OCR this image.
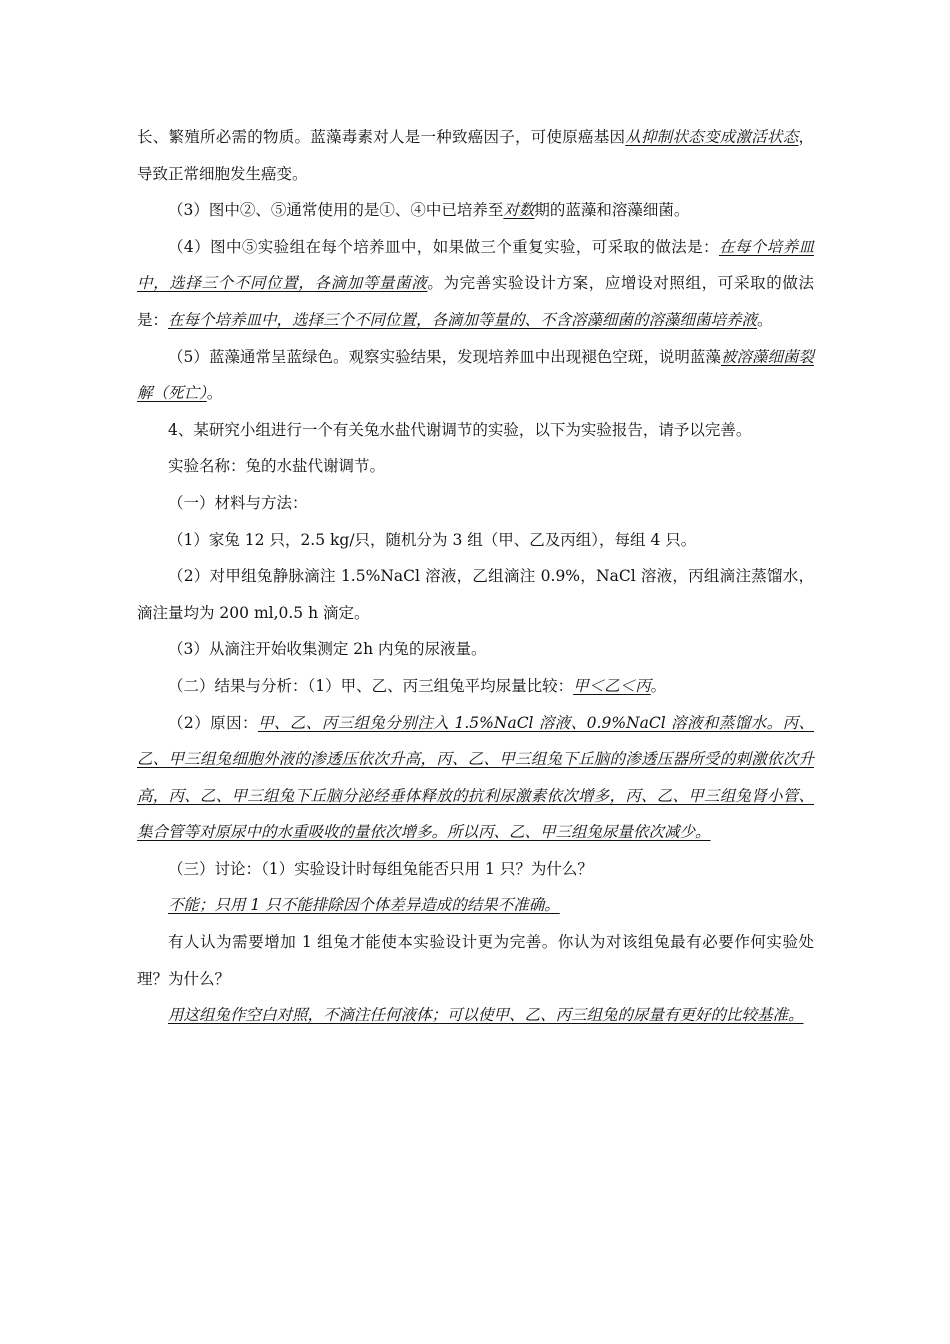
长、繁殖所必需的物质。蓝藻毒素对人是一种致癌因子，可使原癌基因从抑制状态变成激活状态，导致正常细胞发生癌变。

（3）图中②、⑤通常使用的是①、④中已培养至对数期的蓝藻和溶藻细菌。

（4）图中⑤实验组在每个培养皿中，如果做三个重复实验，可采取的做法是：在每个培养皿中，选择三个不同位置，各滴加等量菌液。为完善实验设计方案，应增设对照组，可采取的做法是：在每个培养皿中，选择三个不同位置，各滴加等量的、不含溶藻细菌的溶藻细菌培养液。

（5）蓝藻通常呈蓝绿色。观察实验结果，发现培养皿中出现褪色空斑，说明蓝藻被溶藻细菌裂解（死亡）。

4、某研究小组进行一个有关兔水盐代谢调节的实验，以下为实验报告，请予以完善。

实验名称：兔的水盐代谢调节。

（一）材料与方法：

（1）家兔 12 只，2.5 kg/只，随机分为 3 组（甲、乙及丙组），每组 4 只。

（2）对甲组兔静脉滴注 1.5%NaCl 溶液，乙组滴注 0.9%，NaCl 溶液，丙组滴注蒸馏水，滴注量均为 200 ml,0.5 h 滴定。

（3）从滴注开始收集测定 2h 内兔的尿液量。

（二）结果与分析：（1）甲、乙、丙三组兔平均尿量比较：甲＜乙＜丙。

（2）原因：甲、乙、丙三组兔分别注入 1.5%NaCl 溶液、0.9%NaCl 溶液和蒸馏水。丙、乙、甲三组兔细胞外液的渗透压依次升高，丙、乙、甲三组兔下丘脑的渗透压器所受的刺激依次升高，丙、乙、甲三组兔下丘脑分泌经垂体释放的抗利尿激素依次增多，丙、乙、甲三组兔肾小管、集合管等对原尿中的水重吸收的量依次增多。所以丙、乙、甲三组兔尿量依次减少。

（三）讨论：（1）实验设计时每组兔能否只用 1 只？为什么？

不能；只用 1 只不能排除因个体差异造成的结果不准确。

有人认为需要增加 1 组兔才能使本实验设计更为完善。你认为对该组兔最有必要作何实验处理？为什么？

用这组兔作空白对照，不滴注任何液体；可以使甲、乙、丙三组兔的尿量有更好的比较基准。
